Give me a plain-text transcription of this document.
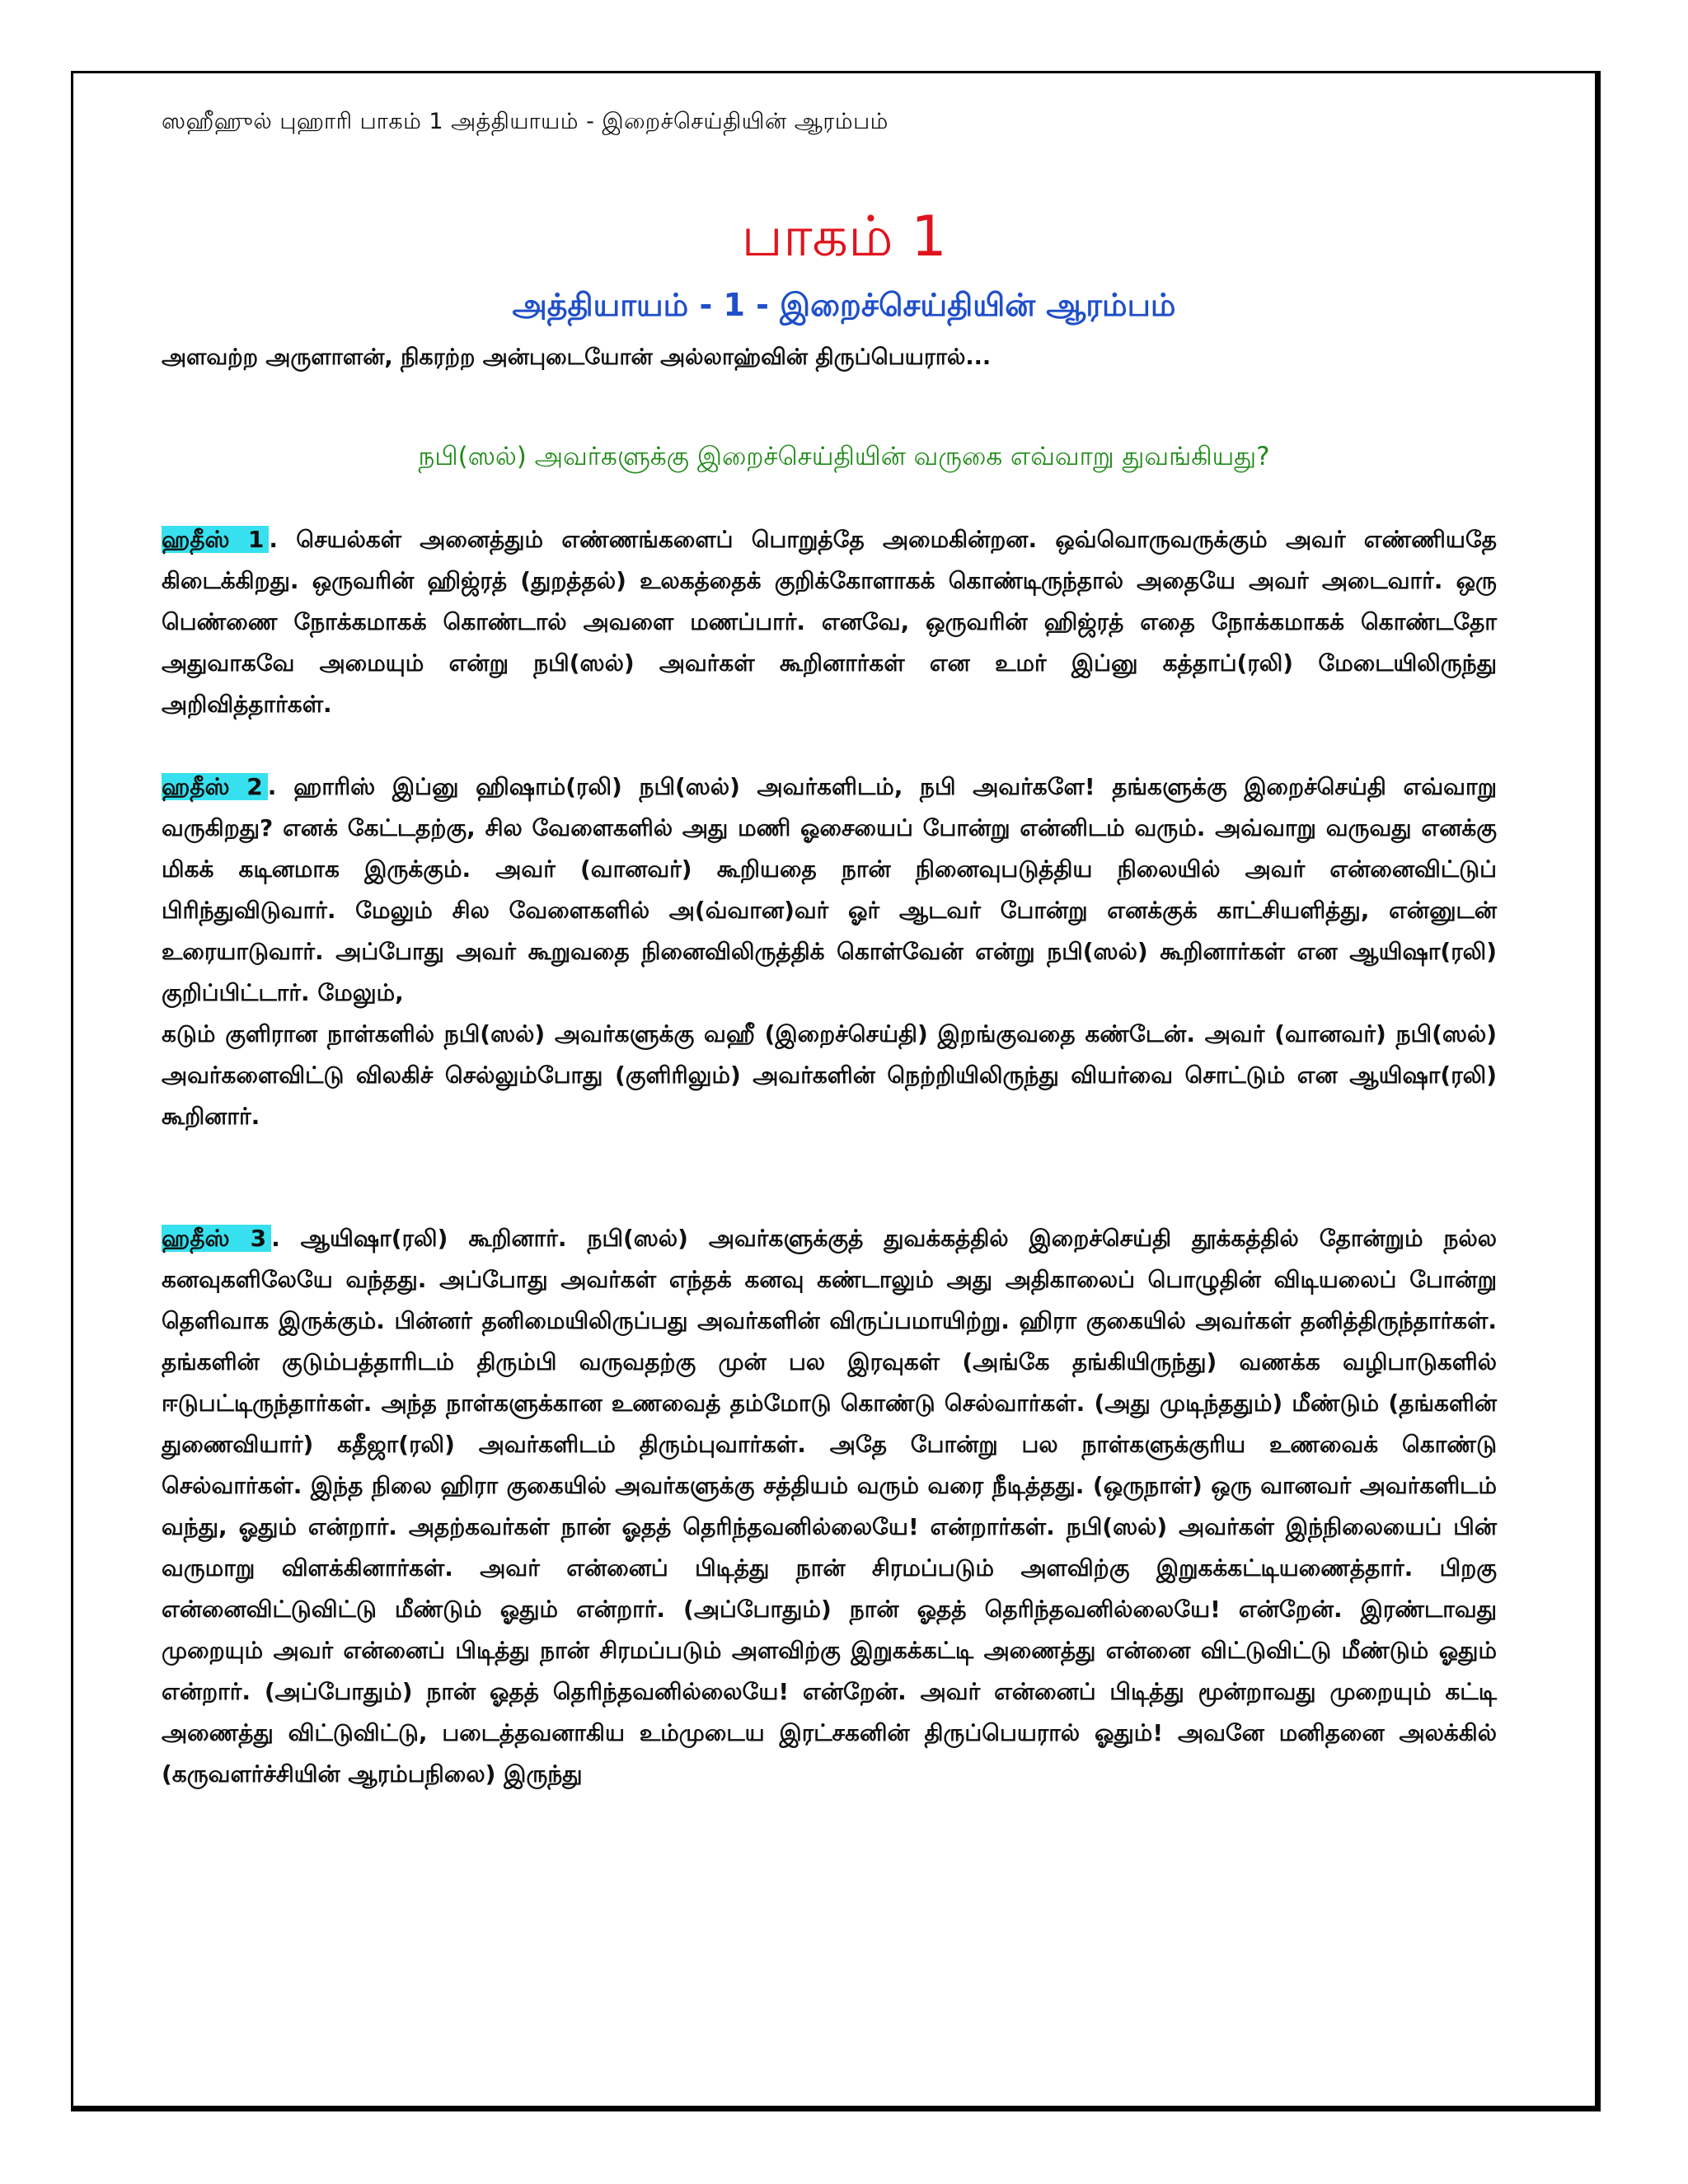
ஸஹீஹுல் புஹாரி பாகம் 1 அத்தியாயம் - இறைச்செய்தியின் ஆரம்பம்
பாகம் 1
அத்தியாயம் - 1 - இறைச்செய்தியின் ஆரம்பம்
அளவற்ற அருளாளன், நிகரற்ற அன்புடையோன் அல்லாஹ்வின் திருப்பெயரால்...
நபி(ஸல்) அவர்களுக்கு இறைச்செய்தியின் வருகை எவ்வாறு துவங்கியது?

ஹதீஸ் 1 . செயல்கள் அனைத்தும் எண்ணங்களைப் பொறுத்தே அமைகின்றன. ஒவ்வொருவருக்கும் அவர் எண்ணியதே கிடைக்கிறது. ஒருவரின் ஹிஜ்ரத் (துறத்தல்) உலகத்தைக் குறிக்கோளாகக் கொண்டிருந்தால் அதையே அவர் அடைவார். ஒரு பெண்ணை நோக்கமாகக் கொண்டால் அவளை மணப்பார். எனவே, ஒருவரின் ஹிஜ்ரத் எதை நோக்கமாகக் கொண்டதோ அதுவாகவே அமையும் என்று நபி(ஸல்) அவர்கள் கூறினார்கள் என உமர் இப்னு கத்தாப்(ரலி) மேடையிலிருந்து அறிவித்தார்கள்.

ஹதீஸ் 2 . ஹாரிஸ் இப்னு ஹிஷாம்(ரலி) நபி(ஸல்) அவர்களிடம், நபி அவர்களே! தங்களுக்கு இறைச்செய்தி எவ்வாறு வருகிறது? எனக் கேட்டதற்கு, சில வேளைகளில் அது மணி ஓசையைப் போன்று என்னிடம் வரும். அவ்வாறு வருவது எனக்கு மிகக் கடினமாக இருக்கும். அவர் (வானவர்) கூறியதை நான் நினைவுபடுத்திய நிலையில் அவர் என்னைவிட்டுப் பிரிந்துவிடுவார். மேலும் சில வேளைகளில் அ(வ்வான)வர் ஓர் ஆடவர் போன்று எனக்குக் காட்சியளித்து, என்னுடன் உரையாடுவார். அப்போது அவர் கூறுவதை நினைவிலிருத்திக் கொள்வேன் என்று நபி(ஸல்) கூறினார்கள் என ஆயிஷா(ரலி) குறிப்பிட்டார். மேலும்,

கடும் குளிரான நாள்களில் நபி(ஸல்) அவர்களுக்கு வஹீ (இறைச்செய்தி) இறங்குவதை கண்டேன். அவர் (வானவர்) நபி(ஸல்) அவர்களைவிட்டு விலகிச் செல்லும்போது (குளிரிலும்) அவர்களின் நெற்றியிலிருந்து வியர்வை சொட்டும் என ஆயிஷா(ரலி) கூறினார்.

ஹதீஸ் 3 . ஆயிஷா(ரலி) கூறினார். நபி(ஸல்) அவர்களுக்குத் துவக்கத்தில் இறைச்செய்தி தூக்கத்தில் தோன்றும் நல்ல கனவுகளிலேயே வந்தது. அப்போது அவர்கள் எந்தக் கனவு கண்டாலும் அது அதிகாலைப் பொழுதின் விடியலைப் போன்று தெளிவாக இருக்கும். பின்னர் தனிமையிலிருப்பது அவர்களின் விருப்பமாயிற்று. ஹிரா குகையில் அவர்கள் தனித்திருந்தார்கள். தங்களின் குடும்பத்தாரிடம் திரும்பி வருவதற்கு முன் பல இரவுகள் (அங்கே தங்கியிருந்து) வணக்க வழிபாடுகளில் ஈடுபட்டிருந்தார்கள். அந்த நாள்களுக்கான உணவைத் தம்மோடு கொண்டு செல்வார்கள். (அது முடிந்ததும்) மீண்டும் (தங்களின் துணைவியார்) கதீஜா(ரலி) அவர்களிடம் திரும்புவார்கள். அதே போன்று பல நாள்களுக்குரிய உணவைக் கொண்டு செல்வார்கள். இந்த நிலை ஹிரா குகையில் அவர்களுக்கு சத்தியம் வரும் வரை நீடித்தது. (ஒருநாள்) ஒரு வானவர் அவர்களிடம் வந்து, ஓதும் என்றார். அதற்கவர்கள் நான் ஓதத் தெரிந்தவனில்லையே! என்றார்கள். நபி(ஸல்) அவர்கள் இந்நிலையைப் பின் வருமாறு விளக்கினார்கள். அவர் என்னைப் பிடித்து நான் சிரமப்படும் அளவிற்கு இறுகக்கட்டியணைத்தார். பிறகு என்னைவிட்டுவிட்டு மீண்டும் ஓதும் என்றார். (அப்போதும்) நான் ஓதத் தெரிந்தவனில்லையே! என்றேன். இரண்டாவது முறையும் அவர் என்னைப் பிடித்து நான் சிரமப்படும் அளவிற்கு இறுகக்கட்டி அணைத்து என்னை விட்டுவிட்டு மீண்டும் ஓதும் என்றார். (அப்போதும்) நான் ஓதத் தெரிந்தவனில்லையே! என்றேன். அவர் என்னைப் பிடித்து மூன்றாவது முறையும் கட்டி அணைத்து விட்டுவிட்டு, படைத்தவனாகிய உம்முடைய இரட்சகனின் திருப்பெயரால் ஓதும்! அவனே மனிதனை அலக்கில் (கருவளர்ச்சியின் ஆரம்பநிலை) இருந்து
